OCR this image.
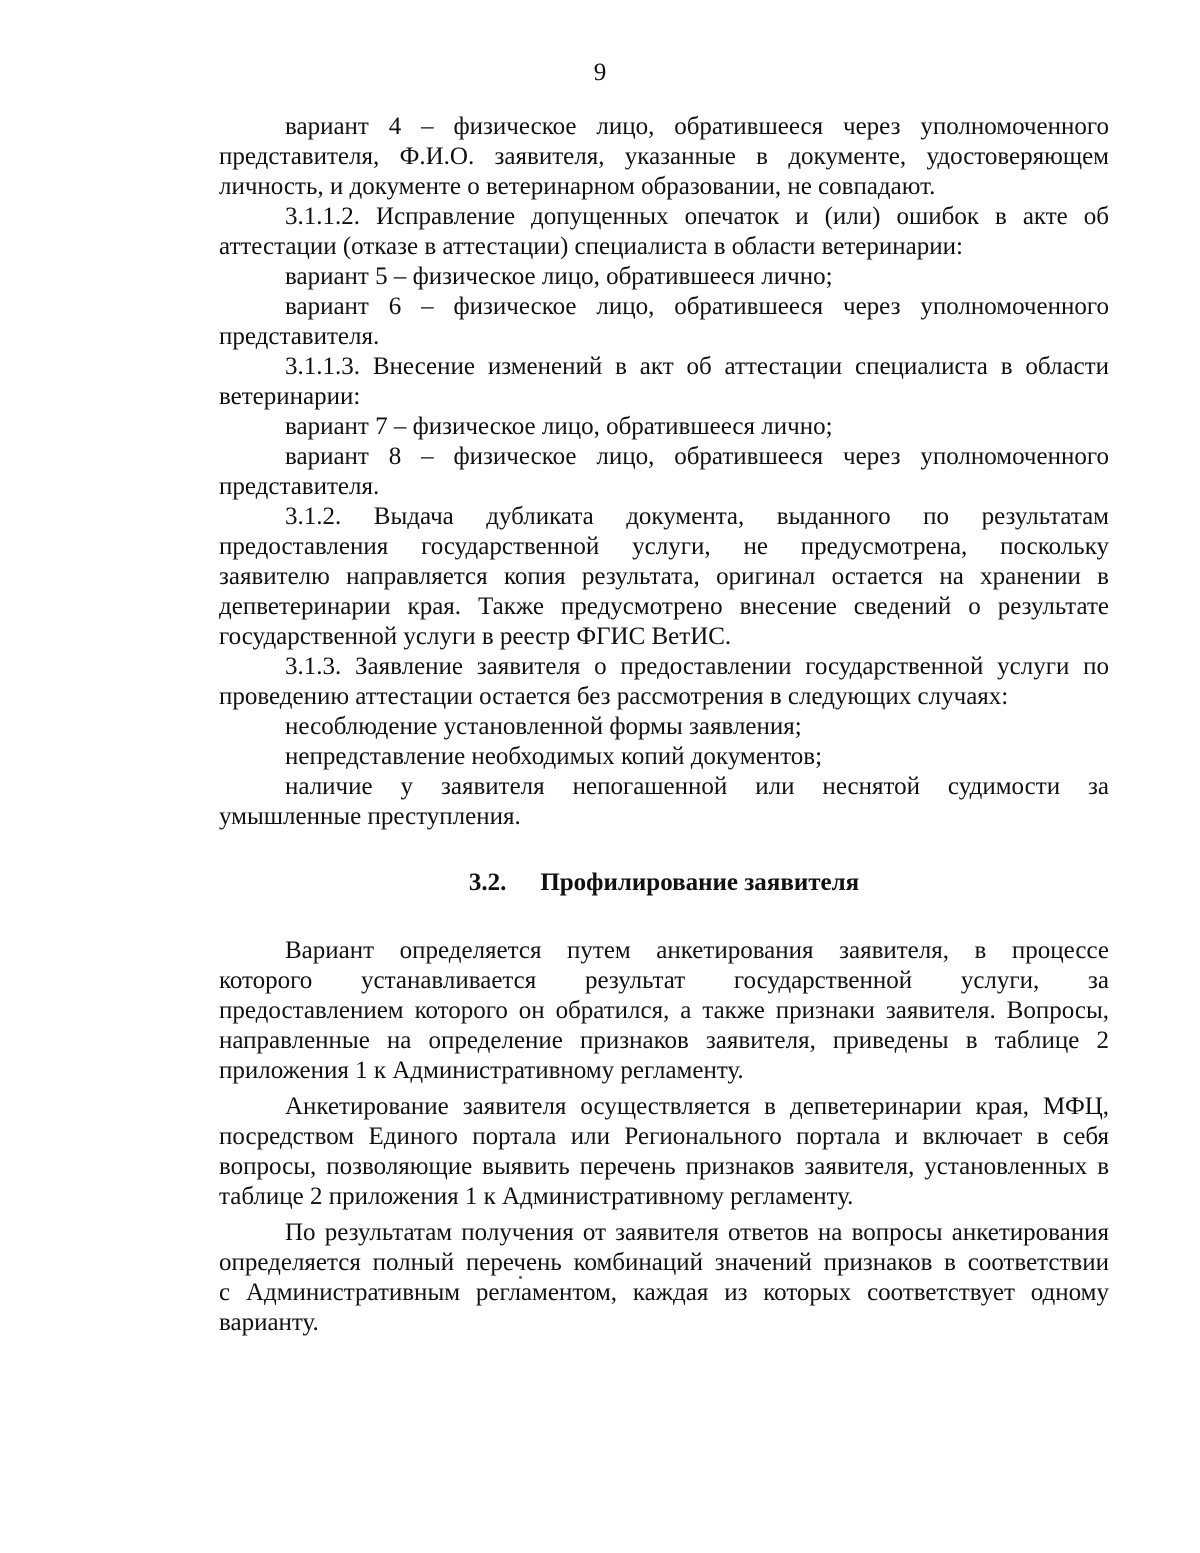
9
вариант 4 – физическое лицо, обратившееся через уполномоченного
представителя, Ф.И.О. заявителя, указанные в документе, удостоверяющем
личность, и документе о ветеринарном образовании, не совпадают.
3.1.1.2. Исправление допущенных опечаток и (или) ошибок в акте об
аттестации (отказе в аттестации) специалиста в области ветеринарии:
вариант 5 – физическое лицо, обратившееся лично;
вариант 6 – физическое лицо, обратившееся через уполномоченного
представителя.
3.1.1.3. Внесение изменений в акт об аттестации специалиста в области
ветеринарии:
вариант 7 – физическое лицо, обратившееся лично;
вариант 8 – физическое лицо, обратившееся через уполномоченного
представителя.
3.1.2. Выдача дубликата документа, выданного по результатам
предоставления государственной услуги, не предусмотрена, поскольку
заявителю направляется копия результата, оригинал остается на хранении в
депветеринарии края. Также предусмотрено внесение сведений о результате
государственной услуги в реестр ФГИС ВетИС.
3.1.3. Заявление заявителя о предоставлении государственной услуги по
проведению аттестации остается без рассмотрения в следующих случаях:
несоблюдение установленной формы заявления;
непредставление необходимых копий документов;
наличие у заявителя непогашенной или неснятой судимости за
умышленные преступления.
3.2. Профилирование заявителя
Вариант определяется путем анкетирования заявителя, в процессе
которого устанавливается результат государственной услуги, за
предоставлением которого он обратился, а также признаки заявителя. Вопросы,
направленные на определение признаков заявителя, приведены в таблице 2
приложения 1 к Административному регламенту.
Анкетирование заявителя осуществляется в депветеринарии края, МФЦ,
посредством Единого портала или Регионального портала и включает в себя
вопросы, позволяющие выявить перечень признаков заявителя, установленных в
таблице 2 приложения 1 к Административному регламенту.
По результатам получения от заявителя ответов на вопросы анкетирования
определяется полный перечень комбинаций значений признаков в соответствии
с Административным регламентом, каждая из которых соответствует одному
варианту.
